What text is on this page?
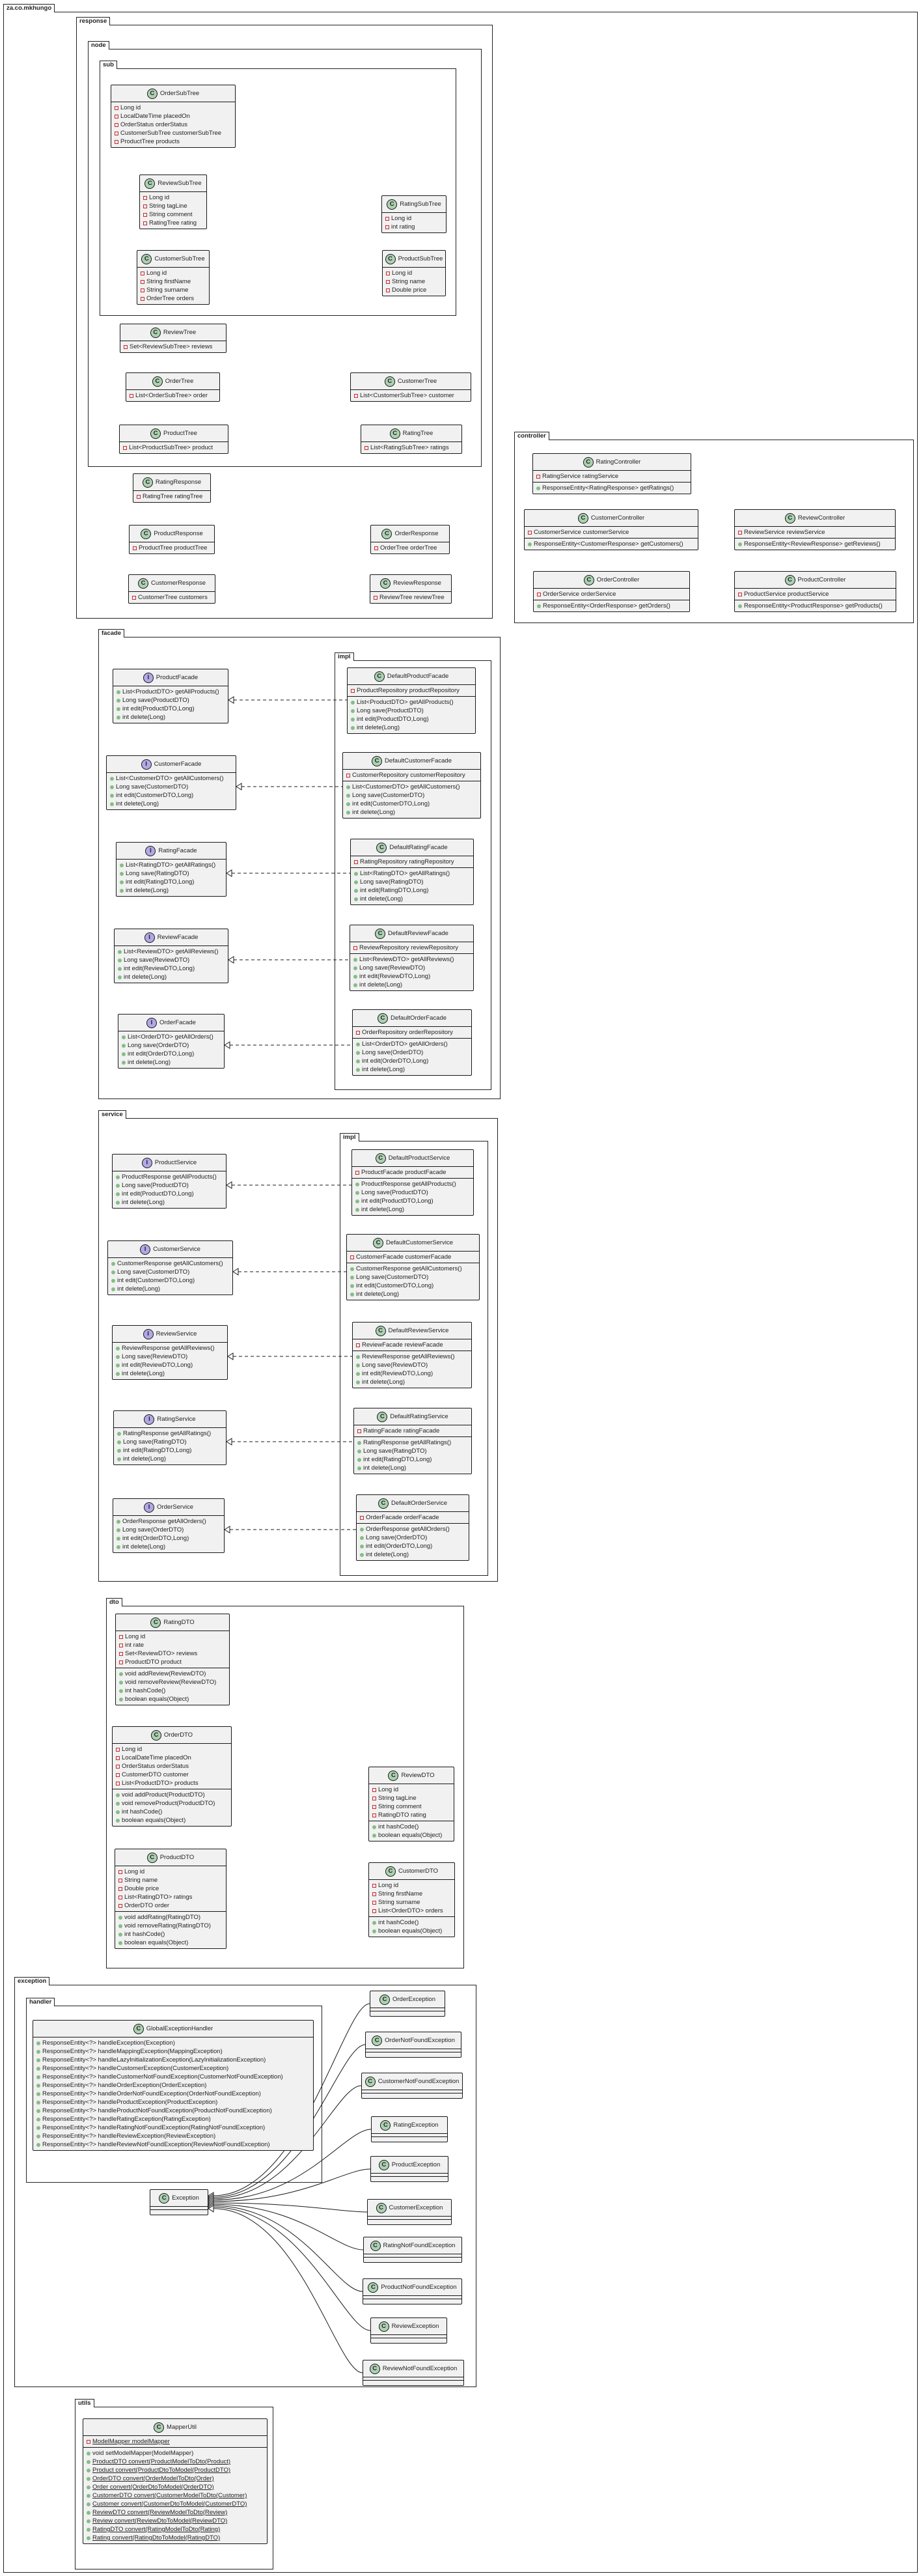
za.co.mkhungo
response
node
sub
controller
facade
impl
service
impl
dto
exception
handler
utils
C OrderSubTree
Long id
LocalDateTime placedOn
OrderStatus orderStatus
CustomerSubTree customerSubTree
ProductTree products
C ReviewSubTree
Long id
String tagLine
String comment
RatingTree rating
C RatingSubTree
Long id
int rating
C CustomerSubTree
Long id
String firstName
String surname
OrderTree orders
C ProductSubTree
Long id
String name
Double price
C ReviewTree
Set<ReviewSubTree> reviews
C OrderTree
List<OrderSubTree> order
C CustomerTree
List<CustomerSubTree> customer
C ProductTree
List<ProductSubTree> product
C RatingTree
List<RatingSubTree> ratings
C RatingResponse
RatingTree ratingTree
C ProductResponse
ProductTree productTree
C OrderResponse
OrderTree orderTree
C CustomerResponse
CustomerTree customers
C ReviewResponse
ReviewTree reviewTree
C RatingController
RatingService ratingService
ResponseEntity<RatingResponse> getRatings()
C CustomerController
CustomerService customerService
ResponseEntity<CustomerResponse> getCustomers()
C ReviewController
ReviewService reviewService
ResponseEntity<ReviewResponse> getReviews()
C OrderController
OrderService orderService
ResponseEntity<OrderResponse> getOrders()
C ProductController
ProductService productService
ResponseEntity<ProductResponse> getProducts()
I	ProductFacade
List<ProductDTO> getAllProducts()
Long save(ProductDTO)
int edit(ProductDTO,Long)
int delete(Long)
I	CustomerFacade
List<CustomerDTO> getAllCustomers()
Long save(CustomerDTO)
int edit(CustomerDTO,Long)
int delete(Long)
I	RatingFacade
List<RatingDTO> getAllRatings()
Long save(RatingDTO)
int edit(RatingDTO,Long)
int delete(Long)
I	ReviewFacade
List<ReviewDTO> getAllReviews()
Long save(ReviewDTO)
int edit(ReviewDTO,Long)
int delete(Long)
I	OrderFacade
List<OrderDTO> getAllOrders()
Long save(OrderDTO)
int edit(OrderDTO,Long)
int delete(Long)
C DefaultProductFacade
ProductRepository productRepository
List<ProductDTO> getAllProducts()
Long save(ProductDTO)
int edit(ProductDTO,Long)
int delete(Long)
C DefaultCustomerFacade
CustomerRepository customerRepository
List<CustomerDTO> getAllCustomers()
Long save(CustomerDTO)
int edit(CustomerDTO,Long)
int delete(Long)
C DefaultRatingFacade
RatingRepository ratingRepository
List<RatingDTO> getAllRatings()
Long save(RatingDTO)
int edit(RatingDTO,Long)
int delete(Long)
C DefaultReviewFacade
ReviewRepository reviewRepository
List<ReviewDTO> getAllReviews()
Long save(ReviewDTO)
int edit(ReviewDTO,Long)
int delete(Long)
C DefaultOrderFacade
OrderRepository orderRepository
List<OrderDTO> getAllOrders()
Long save(OrderDTO)
int edit(OrderDTO,Long)
int delete(Long)
I	ProductService
ProductResponse getAllProducts()
Long save(ProductDTO)
int edit(ProductDTO,Long)
int delete(Long)
I	CustomerService
CustomerResponse getAllCustomers()
Long save(CustomerDTO)
int edit(CustomerDTO,Long)
int delete(Long)
I	ReviewService
ReviewResponse getAllReviews()
Long save(ReviewDTO)
int edit(ReviewDTO,Long)
int delete(Long)
I	RatingService
RatingResponse getAllRatings()
Long save(RatingDTO)
int edit(RatingDTO,Long)
int delete(Long)
I	OrderService
OrderResponse getAllOrders()
Long save(OrderDTO)
int edit(OrderDTO,Long)
int delete(Long)
C DefaultProductService
ProductFacade productFacade
ProductResponse getAllProducts()
Long save(ProductDTO)
int edit(ProductDTO,Long)
int delete(Long)
C DefaultCustomerService
CustomerFacade customerFacade
CustomerResponse getAllCustomers()
Long save(CustomerDTO)
int edit(CustomerDTO,Long)
int delete(Long)
C DefaultReviewService
ReviewFacade reviewFacade
ReviewResponse getAllReviews()
Long save(ReviewDTO)
int edit(ReviewDTO,Long)
int delete(Long)
C DefaultRatingService
RatingFacade ratingFacade
RatingResponse getAllRatings()
Long save(RatingDTO)
int edit(RatingDTO,Long)
int delete(Long)
C DefaultOrderService
OrderFacade orderFacade
OrderResponse getAllOrders()
Long save(OrderDTO)
int edit(OrderDTO,Long)
int delete(Long)
C RatingDTO
Long id
int rate
Set<ReviewDTO> reviews
ProductDTO product
void addReview(ReviewDTO)
void removeReview(ReviewDTO)
int hashCode()
boolean equals(Object)
C OrderDTO
Long id
LocalDateTime placedOn
OrderStatus orderStatus
CustomerDTO customer
List<ProductDTO> products
void addProduct(ProductDTO)
void removeProduct(ProductDTO)
int hashCode()
boolean equals(Object)
C ReviewDTO
Long id
String tagLine
String comment
RatingDTO rating
int hashCode()
boolean equals(Object)
C ProductDTO
Long id
String name
Double price
List<RatingDTO> ratings
OrderDTO order
void addRating(RatingDTO)
void removeRating(RatingDTO)
int hashCode()
boolean equals(Object)
C CustomerDTO
Long id
String firstName
String surname
List<OrderDTO> orders
int hashCode()
boolean equals(Object)
C GlobalExceptionHandler
ResponseEntity<?> handleException(Exception)
ResponseEntity<?> handleMappingException(MappingException)
ResponseEntity<?> handleLazyInitializationException(LazyInitializationException)
ResponseEntity<?> handleCustomerException(CustomerException)
ResponseEntity<?> handleCustomerNotFoundException(CustomerNotFoundException)
ResponseEntity<?> handleOrderException(OrderException)
ResponseEntity<?> handleOrderNotFoundException(OrderNotFoundException)
ResponseEntity<?> handleProductException(ProductException)
ResponseEntity<?> handleProductNotFoundException(ProductNotFoundException)
ResponseEntity<?> handleRatingException(RatingException)
ResponseEntity<?> handleRatingNotFoundException(RatingNotFoundException)
ResponseEntity<?> handleReviewException(ReviewException)
ResponseEntity<?> handleReviewNotFoundException(ReviewNotFoundException)
C Exception
C OrderException
C OrderNotFoundException
C CustomerNotFoundException
C RatingException
C ProductException
C CustomerException
C RatingNotFoundException
C ProductNotFoundException
C ReviewException
C ReviewNotFoundException
C MapperUtil
ModelMapper modelMapper
void setModelMapper(ModelMapper)
ProductDTO convert(ProductModelToDto(Product)
Product convert(ProductDtoToModel(ProductDTO)
OrderDTO convert(OrderModelToDto(Order)
Order convert(OrderDtoToModel(OrderDTO)
CustomerDTO convert(CustomerModelToDto(Customer)
Customer convert(CustomerDtoToModel(CustomerDTO)
ReviewDTO convert(ReviewModelToDto(Review)
Review convert(ReviewDtoToModel(ReviewDTO)
RatingDTO convert(RatingModelToDto(Rating)
Rating convert(RatingDtoToModel(RatingDTO)
